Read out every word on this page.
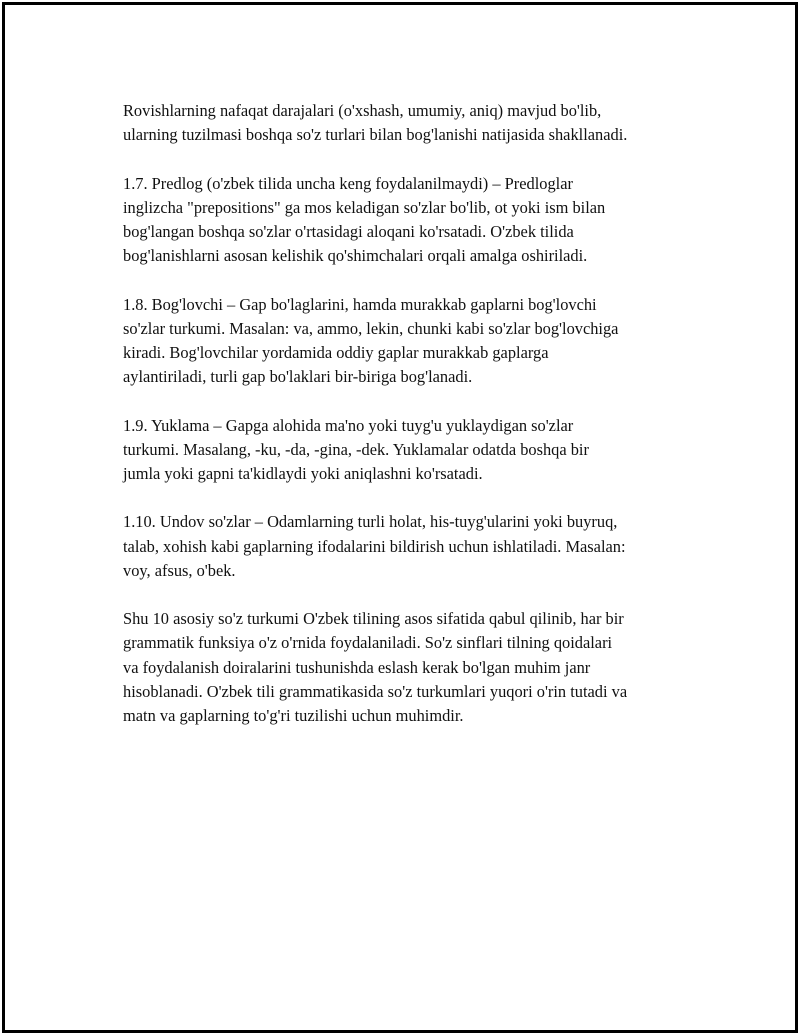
Rovishlarning nafaqat darajalari (o'xshash, umumiy, aniq) mavjud bo'lib,
ularning tuzilmasi boshqa so'z turlari bilan bog'lanishi natijasida shakllanadi.

1.7. Predlog (o'zbek tilida uncha keng foydalanilmaydi) – Predloglar
inglizcha "prepositions" ga mos keladigan so'zlar bo'lib, ot yoki ism bilan
bog'langan boshqa so'zlar o'rtasidagi aloqani ko'rsatadi. O'zbek tilida
bog'lanishlarni asosan kelishik qo'shimchalari orqali amalga oshiriladi.

1.8. Bog'lovchi – Gap bo'laglarini, hamda murakkab gaplarni bog'lovchi
so'zlar turkumi. Masalan: va, ammo, lekin, chunki kabi so'zlar bog'lovchiga
kiradi. Bog'lovchilar yordamida oddiy gaplar murakkab gaplarga
aylantiriladi, turli gap bo'laklari bir-biriga bog'lanadi.

1.9. Yuklama – Gapga alohida ma'no yoki tuyg'u yuklaydigan so'zlar
turkumi. Masalang, -ku, -da, -gina, -dek. Yuklamalar odatda boshqa bir
jumla yoki gapni ta'kidlaydi yoki aniqlashni ko'rsatadi.

1.10. Undov so'zlar – Odamlarning turli holat, his-tuyg'ularini yoki buyruq,
talab, xohish kabi gaplarning ifodalarini bildirish uchun ishlatiladi. Masalan:
voy, afsus, o'bek.

Shu 10 asosiy so'z turkumi O'zbek tilining asos sifatida qabul qilinib, har bir
grammatik funksiya o'z o'rnida foydalaniladi. So'z sinflari tilning qoidalari
va foydalanish doiralarini tushunishda eslash kerak bo'lgan muhim janr
hisoblanadi. O'zbek tili grammatikasida so'z turkumlari yuqori o'rin tutadi va
matn va gaplarning to'g'ri tuzilishi uchun muhimdir.
